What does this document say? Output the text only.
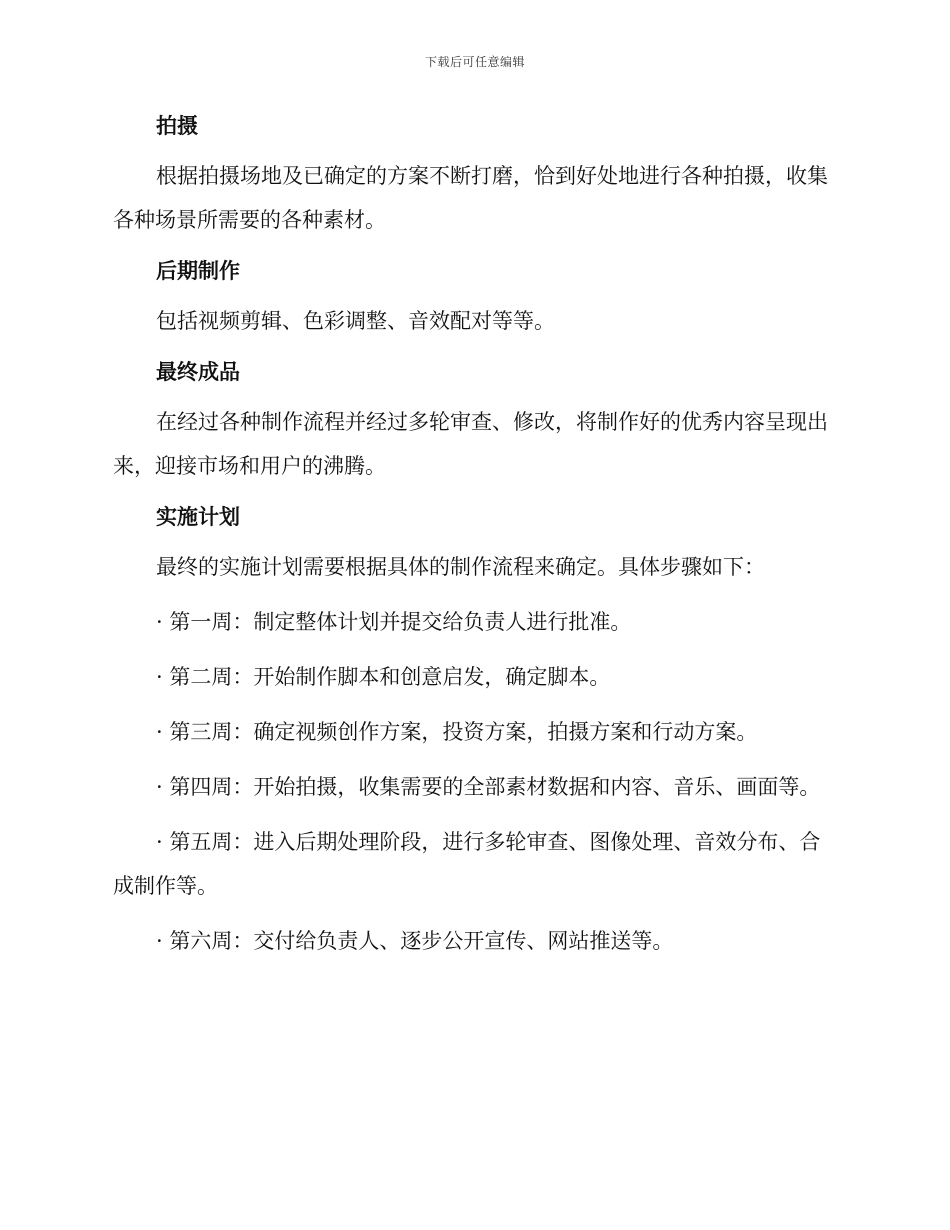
下载后可任意编辑
拍摄

根据拍摄场地及已确定的方案不断打磨，恰到好处地进行各种拍摄，收集各种场景所需要的各种素材。

后期制作

包括视频剪辑、色彩调整、音效配对等等。

最终成品

在经过各种制作流程并经过多轮审查、修改，将制作好的优秀内容呈现出来，迎接市场和用户的沸腾。

实施计划

最终的实施计划需要根据具体的制作流程来确定。具体步骤如下：

· 第一周：制定整体计划并提交给负责人进行批准。

· 第二周：开始制作脚本和创意启发，确定脚本。

· 第三周：确定视频创作方案，投资方案，拍摄方案和行动方案。

· 第四周：开始拍摄，收集需要的全部素材数据和内容、音乐、画面等。

· 第五周：进入后期处理阶段，进行多轮审查、图像处理、音效分布、合成制作等。

· 第六周：交付给负责人、逐步公开宣传、网站推送等。
